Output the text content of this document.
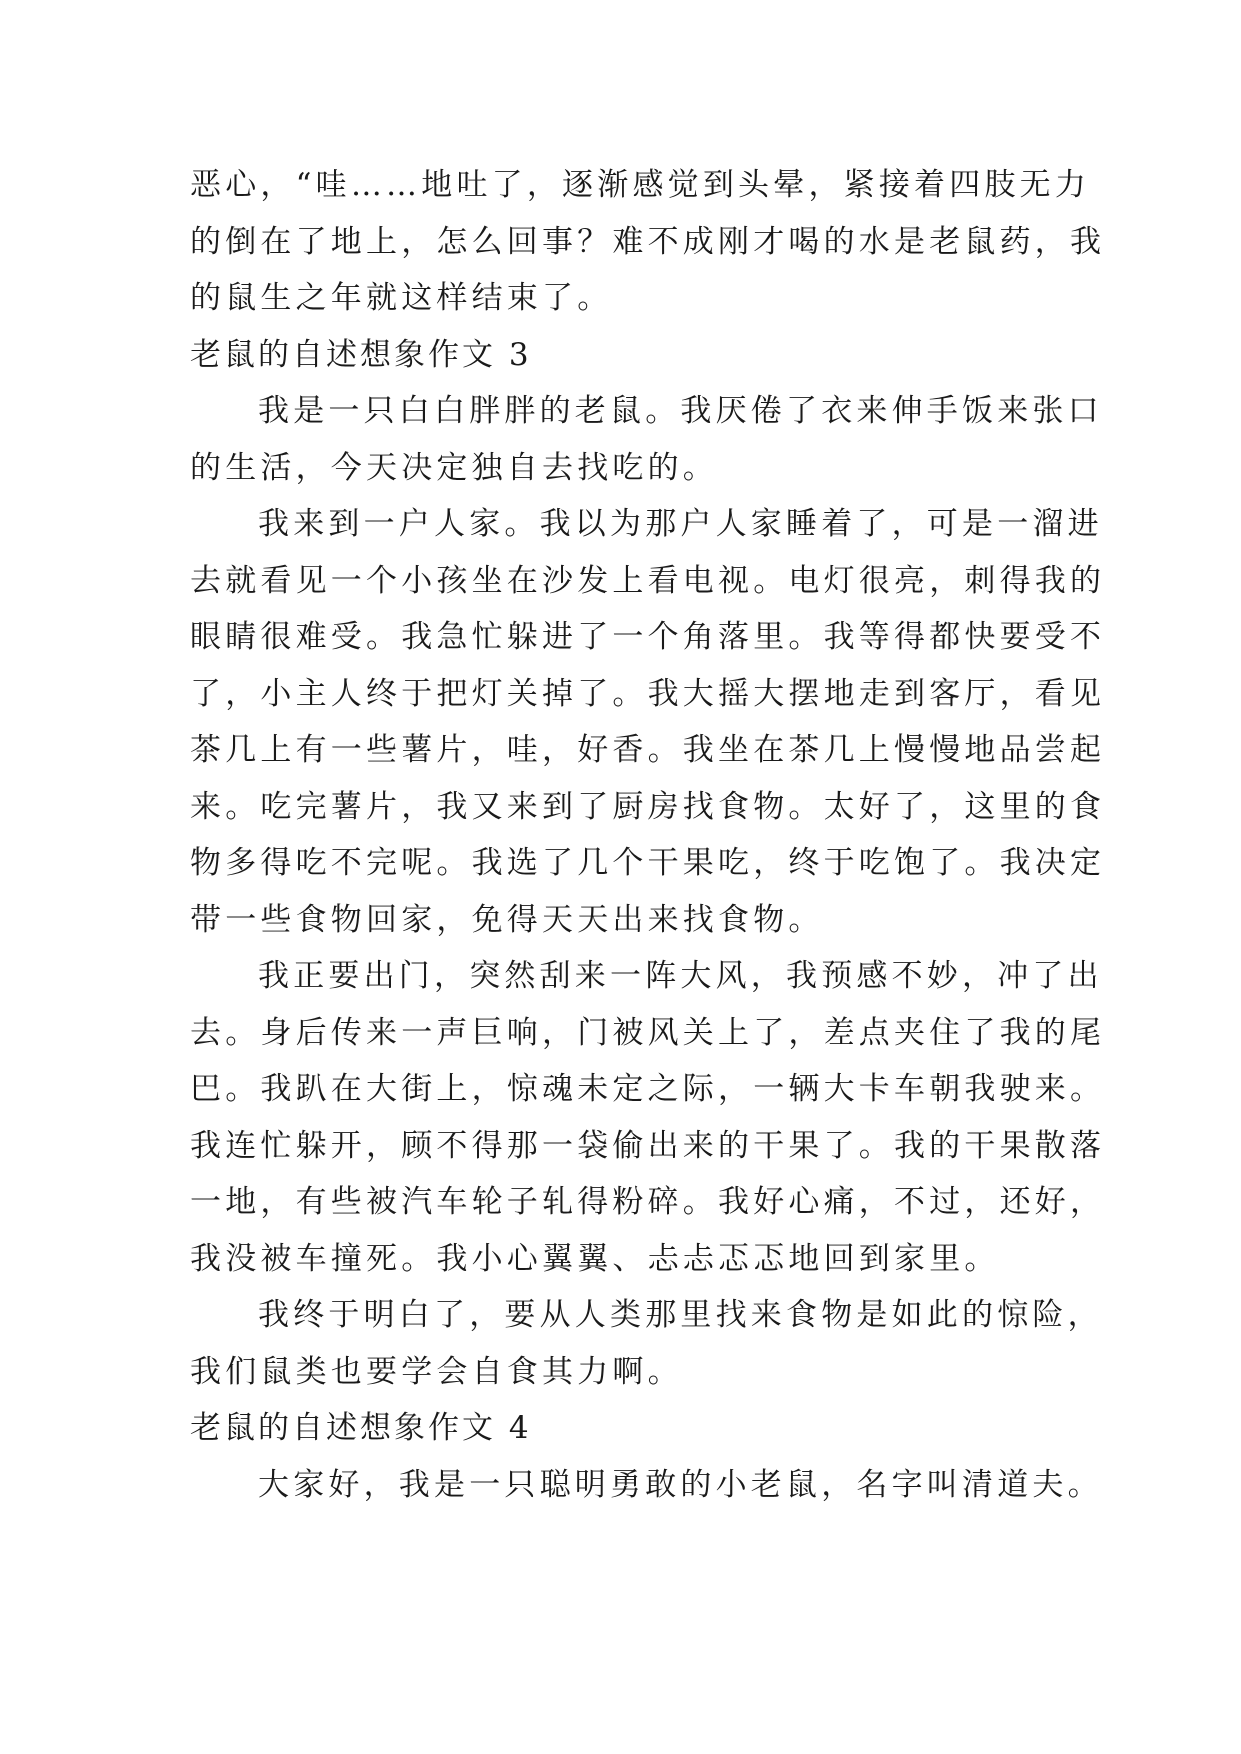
恶心，“哇……地吐了，逐渐感觉到头晕，紧接着四肢无力
的倒在了地上，怎么回事？难不成刚才喝的水是老鼠药，我
的鼠生之年就这样结束了。
老鼠的自述想象作文 3
我是一只白白胖胖的老鼠。我厌倦了衣来伸手饭来张口
的生活，今天决定独自去找吃的。
我来到一户人家。我以为那户人家睡着了，可是一溜进
去就看见一个小孩坐在沙发上看电视。电灯很亮，刺得我的
眼睛很难受。我急忙躲进了一个角落里。我等得都快要受不
了，小主人终于把灯关掉了。我大摇大摆地走到客厅，看见
茶几上有一些薯片，哇，好香。我坐在茶几上慢慢地品尝起
来。吃完薯片，我又来到了厨房找食物。太好了，这里的食
物多得吃不完呢。我选了几个干果吃，终于吃饱了。我决定
带一些食物回家，免得天天出来找食物。
我正要出门，突然刮来一阵大风，我预感不妙，冲了出
去。身后传来一声巨响，门被风关上了，差点夹住了我的尾
巴。我趴在大街上，惊魂未定之际，一辆大卡车朝我驶来。
我连忙躲开，顾不得那一袋偷出来的干果了。我的干果散落
一地，有些被汽车轮子轧得粉碎。我好心痛，不过，还好，
我没被车撞死。我小心翼翼、忐忐忑忑地回到家里。
我终于明白了，要从人类那里找来食物是如此的惊险，
我们鼠类也要学会自食其力啊。
老鼠的自述想象作文 4
大家好，我是一只聪明勇敢的小老鼠，名字叫清道夫。
